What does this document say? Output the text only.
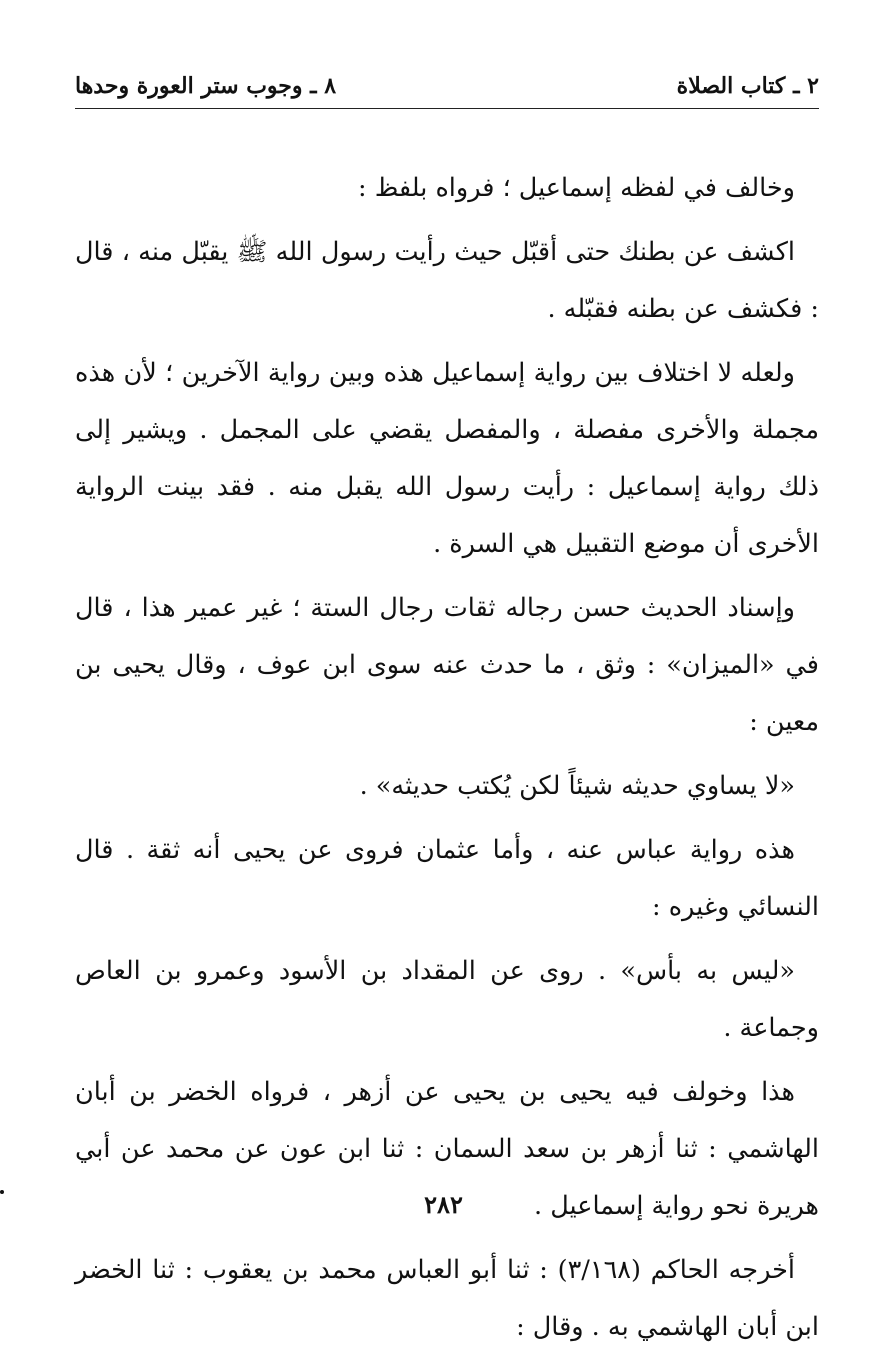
٢ ـ كتاب الصلاة
٨ ـ وجوب ستر العورة وحدها

وخالف في لفظه إسماعيل ؛ فرواه بلفظ :

اكشف عن بطنك حتى أقبّل حيث رأيت رسول الله ﷺ يقبّل منه ، قال : فكشف عن بطنه فقبّله .

ولعله لا اختلاف بين رواية إسماعيل هذه وبين رواية الآخرين ؛ لأن هذه مجملة والأخرى مفصلة ، والمفصل يقضي على المجمل . ويشير إلى ذلك رواية إسماعيل : رأيت رسول الله يقبل منه . فقد بينت الرواية الأخرى أن موضع التقبيل هي السرة .

وإسناد الحديث حسن رجاله ثقات رجال الستة ؛ غير عمير هذا ، قال في «الميزان» : وثق ، ما حدث عنه سوى ابن عوف ، وقال يحيى بن معين :

«لا يساوي حديثه شيئاً لكن يُكتب حديثه» .

هذه رواية عباس عنه ، وأما عثمان فروى عن يحيى أنه ثقة . قال النسائي وغيره :

«ليس به بأس» . روى عن المقداد بن الأسود وعمرو بن العاص وجماعة .

هذا وخولف فيه يحيى بن يحيى عن أزهر ، فرواه الخضر بن أبان الهاشمي : ثنا أزهر بن سعد السمان : ثنا ابن عون عن محمد عن أبي هريرة نحو رواية إسماعيل .

أخرجه الحاكم (٣/١٦٨) : ثنا أبو العباس محمد بن يعقوب : ثنا الخضر ابن أبان الهاشمي به . وقال :

٢٨٢
